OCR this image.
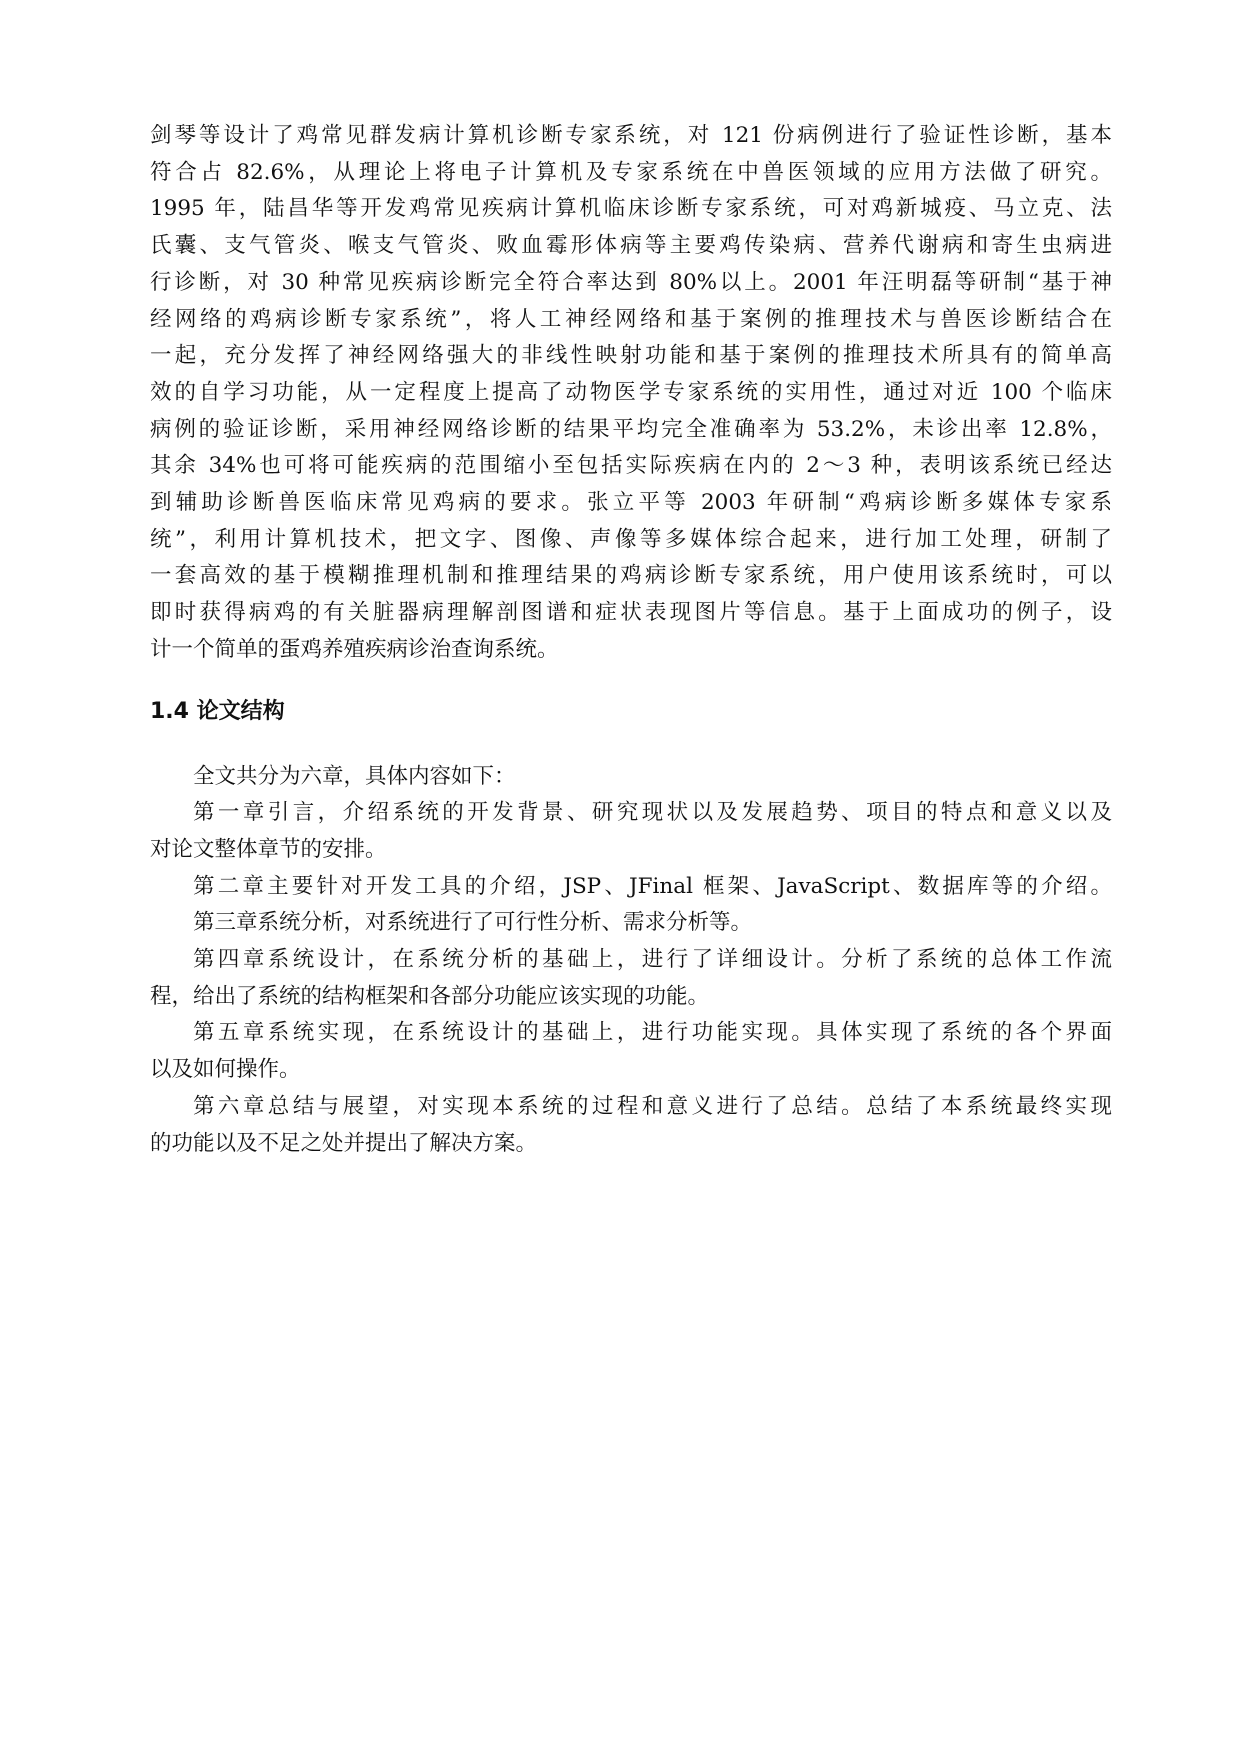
剑琴等设计了鸡常见群发病计算机诊断专家系统，对 121 份病例进行了验证性诊断，基本
符合占 82.6%，从理论上将电子计算机及专家系统在中兽医领域的应用方法做了研究。
1995 年，陆昌华等开发鸡常见疾病计算机临床诊断专家系统，可对鸡新城疫、马立克、法
氏囊、支气管炎、喉支气管炎、败血霉形体病等主要鸡传染病、营养代谢病和寄生虫病进
行诊断，对 30 种常见疾病诊断完全符合率达到 80%以上。2001 年汪明磊等研制“基于神
经网络的鸡病诊断专家系统”，将人工神经网络和基于案例的推理技术与兽医诊断结合在
一起，充分发挥了神经网络强大的非线性映射功能和基于案例的推理技术所具有的简单高
效的自学习功能，从一定程度上提高了动物医学专家系统的实用性，通过对近 100 个临床
病例的验证诊断，采用神经网络诊断的结果平均完全准确率为 53.2%，未诊出率 12.8%，
其余 34%也可将可能疾病的范围缩小至包括实际疾病在内的 2～3 种，表明该系统已经达
到辅助诊断兽医临床常见鸡病的要求。张立平等 2003 年研制“鸡病诊断多媒体专家系
统”，利用计算机技术，把文字、图像、声像等多媒体综合起来，进行加工处理，研制了
一套高效的基于模糊推理机制和推理结果的鸡病诊断专家系统，用户使用该系统时，可以
即时获得病鸡的有关脏器病理解剖图谱和症状表现图片等信息。基于上面成功的例子，设
计一个简单的蛋鸡养殖疾病诊治查询系统。
1.4 论文结构
全文共分为六章，具体内容如下：
第一章引言，介绍系统的开发背景、研究现状以及发展趋势、项目的特点和意义以及
对论文整体章节的安排。
第二章主要针对开发工具的介绍，JSP、JFinal 框架、JavaScript、数据库等的介绍。
第三章系统分析，对系统进行了可行性分析、需求分析等。
第四章系统设计，在系统分析的基础上，进行了详细设计。分析了系统的总体工作流
程，给出了系统的结构框架和各部分功能应该实现的功能。
第五章系统实现，在系统设计的基础上，进行功能实现。具体实现了系统的各个界面
以及如何操作。
第六章总结与展望，对实现本系统的过程和意义进行了总结。总结了本系统最终实现
的功能以及不足之处并提出了解决方案。
